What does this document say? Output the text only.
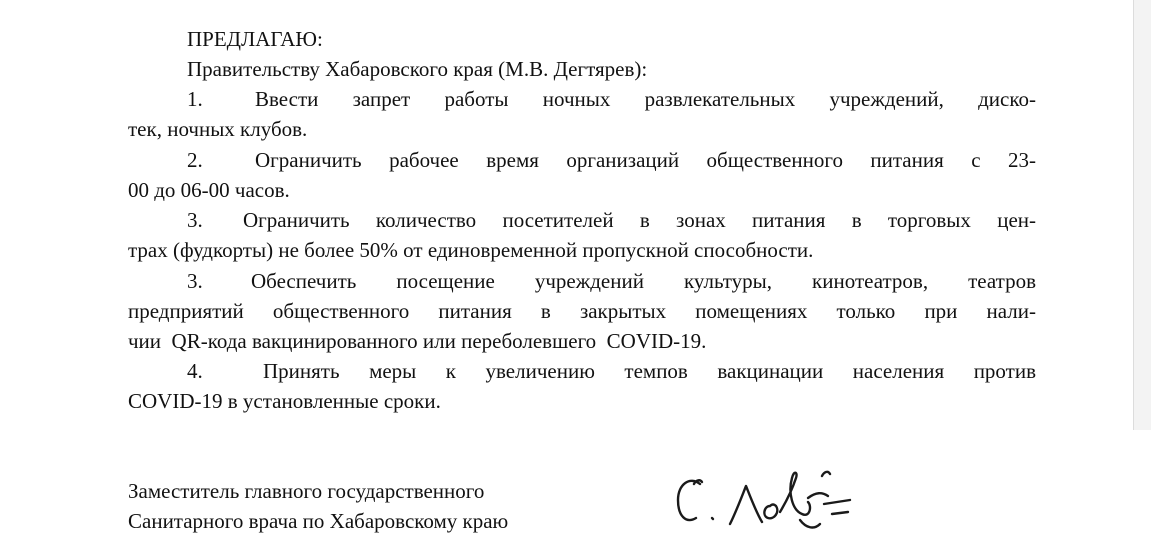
ПРЕДЛАГАЮ:
Правительству Хабаровского края (М.В. Дегтярев):
1.	Ввести запрет работы ночных развлекательных учреждений, диско-
тек, ночных клубов.
2.	Ограничить рабочее время организаций общественного питания с 23-
00 до 06-00 часов.
3.	Ограничить количество посетителей в зонах питания в торговых цен-
трах (фудкорты) не более 50% от единовременной пропускной способности.
3.	Обеспечить посещение учреждений культуры, кинотеатров, театров
предприятий общественного питания в закрытых помещениях только при нали-
чии  QR-кода вакцинированного или переболевшего  COVID-19.
4.	Принять меры к увеличению темпов вакцинации населения против
COVID-19 в установленные сроки.
Заместитель главного государственного
Санитарного врача по Хабаровскому краю
